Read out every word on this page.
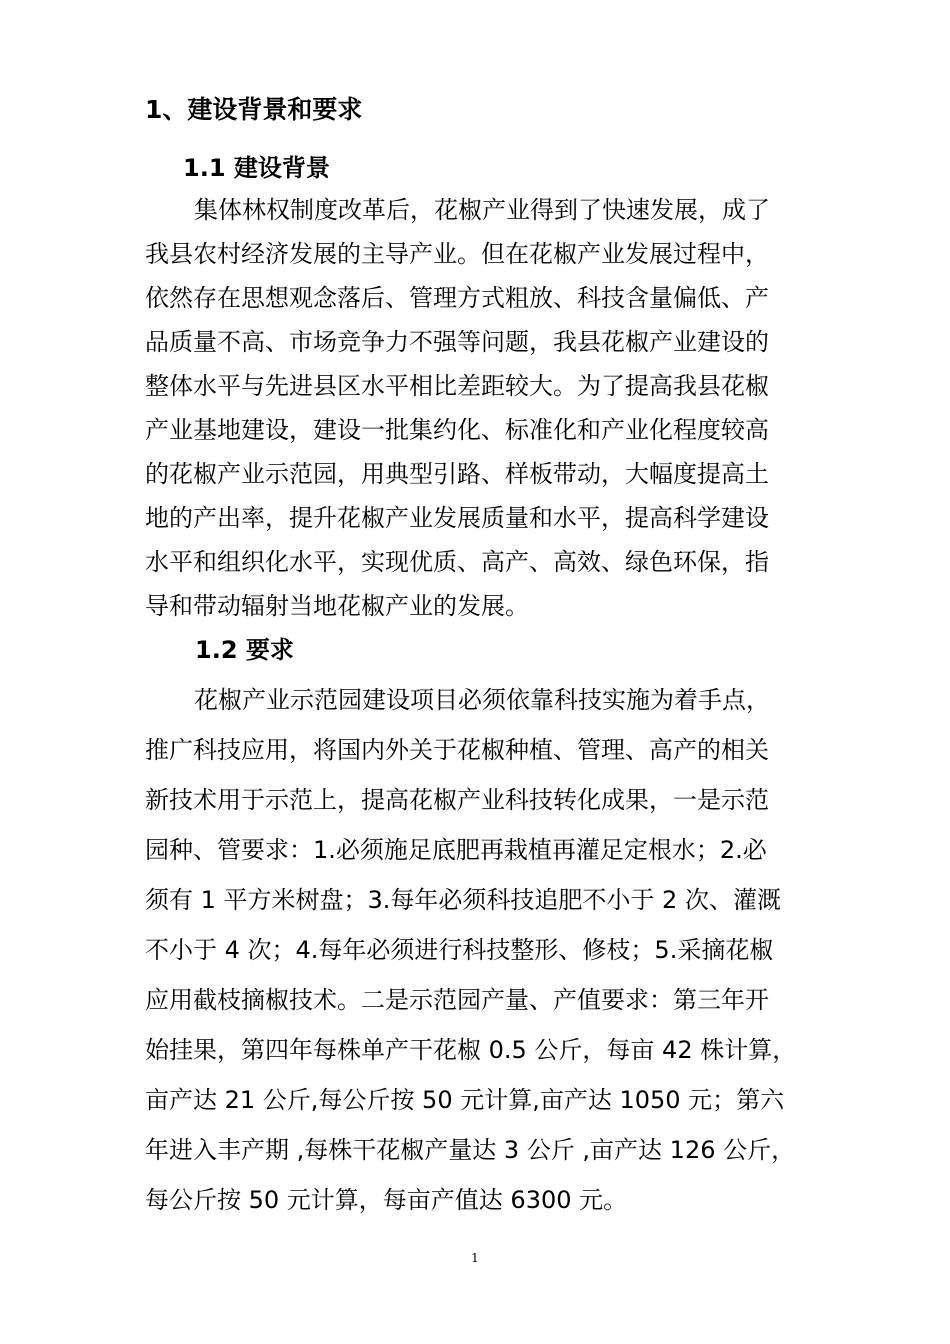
1、建设背景和要求
1.1 建设背景
集体林权制度改革后，花椒产业得到了快速发展，成了
我县农村经济发展的主导产业。但在花椒产业发展过程中，
依然存在思想观念落后、管理方式粗放、科技含量偏低、产
品质量不高、市场竞争力不强等问题，我县花椒产业建设的
整体水平与先进县区水平相比差距较大。为了提高我县花椒
产业基地建设，建设一批集约化、标准化和产业化程度较高
的花椒产业示范园，用典型引路、样板带动，大幅度提高土
地的产出率，提升花椒产业发展质量和水平，提高科学建设
水平和组织化水平，实现优质、高产、高效、绿色环保，指
导和带动辐射当地花椒产业的发展。
1.2 要求
花椒产业示范园建设项目必须依靠科技实施为着手点，
推广科技应用，将国内外关于花椒种植、管理、高产的相关
新技术用于示范上，提高花椒产业科技转化成果，一是示范
园种、管要求：1.必须施足底肥再栽植再灌足定根水；2.必
须有 1 平方米树盘；3.每年必须科技追肥不小于 2 次、灌溉
不小于 4 次；4.每年必须进行科技整形、修枝；5.采摘花椒
应用截枝摘椒技术。二是示范园产量、产值要求：第三年开
始挂果，第四年每株单产干花椒 0.5 公斤，每亩 42 株计算，
亩产达 21 公斤,每公斤按 50 元计算,亩产达 1050 元；第六
年进入丰产期 ,每株干花椒产量达 3 公斤 ,亩产达 126 公斤，
每公斤按 50 元计算，每亩产值达 6300 元。
1
